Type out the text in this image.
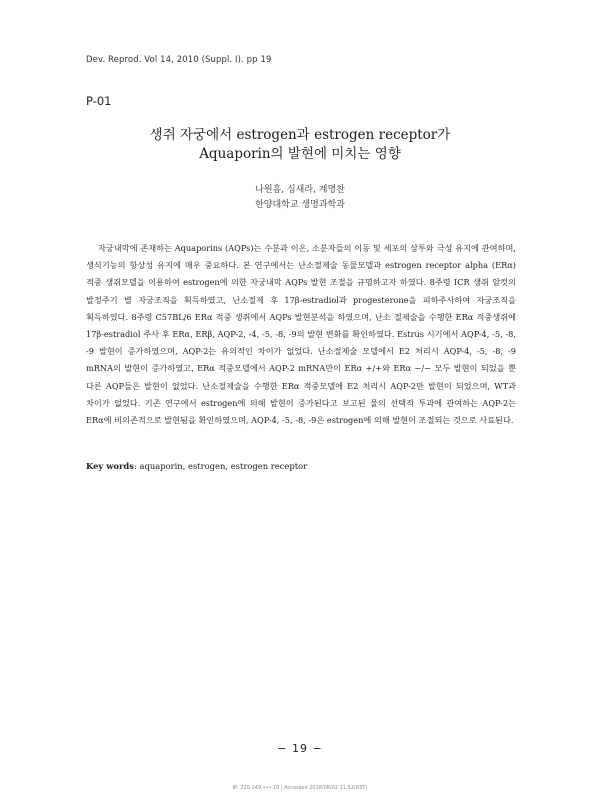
Dev. Reprod. Vol 14, 2010 (Suppl. I). pp 19
P-01
생쥐 자궁에서 estrogen과 estrogen receptor가
Aquaporin의 발현에 미치는 영향
나원흠, 심새라, 계명찬
한양대학교 생명과학과

자궁내막에 존재하는 Aquaporins (AQPs)는 수분과 이온, 소분자들의 이동 및 세포의 삼투와 극성 유지에 관여하며, 생식기능의 항상성 유지에 매우 중요하다. 본 연구에서는 난소절제술 동물모델과 estrogen receptor alpha (ERα) 적중 생쥐모델을 이용하여 estrogen에 의한 자궁내막 AQPs 발현 조절을 규명하고자 하였다. 8주령 ICR 생쥐 암컷의 발정주기 별 자궁조직을 획득하였고, 난소절제 후 17β-estradiol과 progesterone을 피하주사하여 자궁조직을 획득하였다. 8주령 C57BL/6 ERα 적중 생쥐에서 AQPs 발현분석을 하였으며, 난소 절제술을 수행한 ERα 적중생쥐에 17β-estradiol 주사 후 ERα, ERβ, AQP-2, -4, -5, -8, -9의 발현 변화를 확인하였다. Estrus 시기에서 AQP-4, -5, -8, -9 발현이 증가하였으며, AQP-2는 유의적인 차이가 없었다. 난소절제술 모델에서 E2 처리시 AQP-4, -5, -8, -9 mRNA의 발현이 증가하였고, ERα 적중모델에서 AQP-2 mRNA만이 ERα +/+와 ERα −/− 모두 발현이 되었을 뿐 다른 AQP들은 발현이 없었다. 난소절제술을 수행한 ERα 적중모델에 E2 처리시 AQP-2만 발현이 되었으며, WT과 차이가 없었다. 기존 연구에서 estrogen에 의해 발현이 증가된다고 보고된 물의 선택적 투과에 관여하는 AQP-2는 ERα에 비의존적으로 발현됨을 확인하였으며, AQP-4, -5, -8, -9은 estrogen에 의해 발현이 조절되는 것으로 사료된다.

Key words: aquaporin, estrogen, estrogen receptor
− 19 −
IP: 220.149.•••.10 | Accessed 2018/08/02 11:52(KST)
